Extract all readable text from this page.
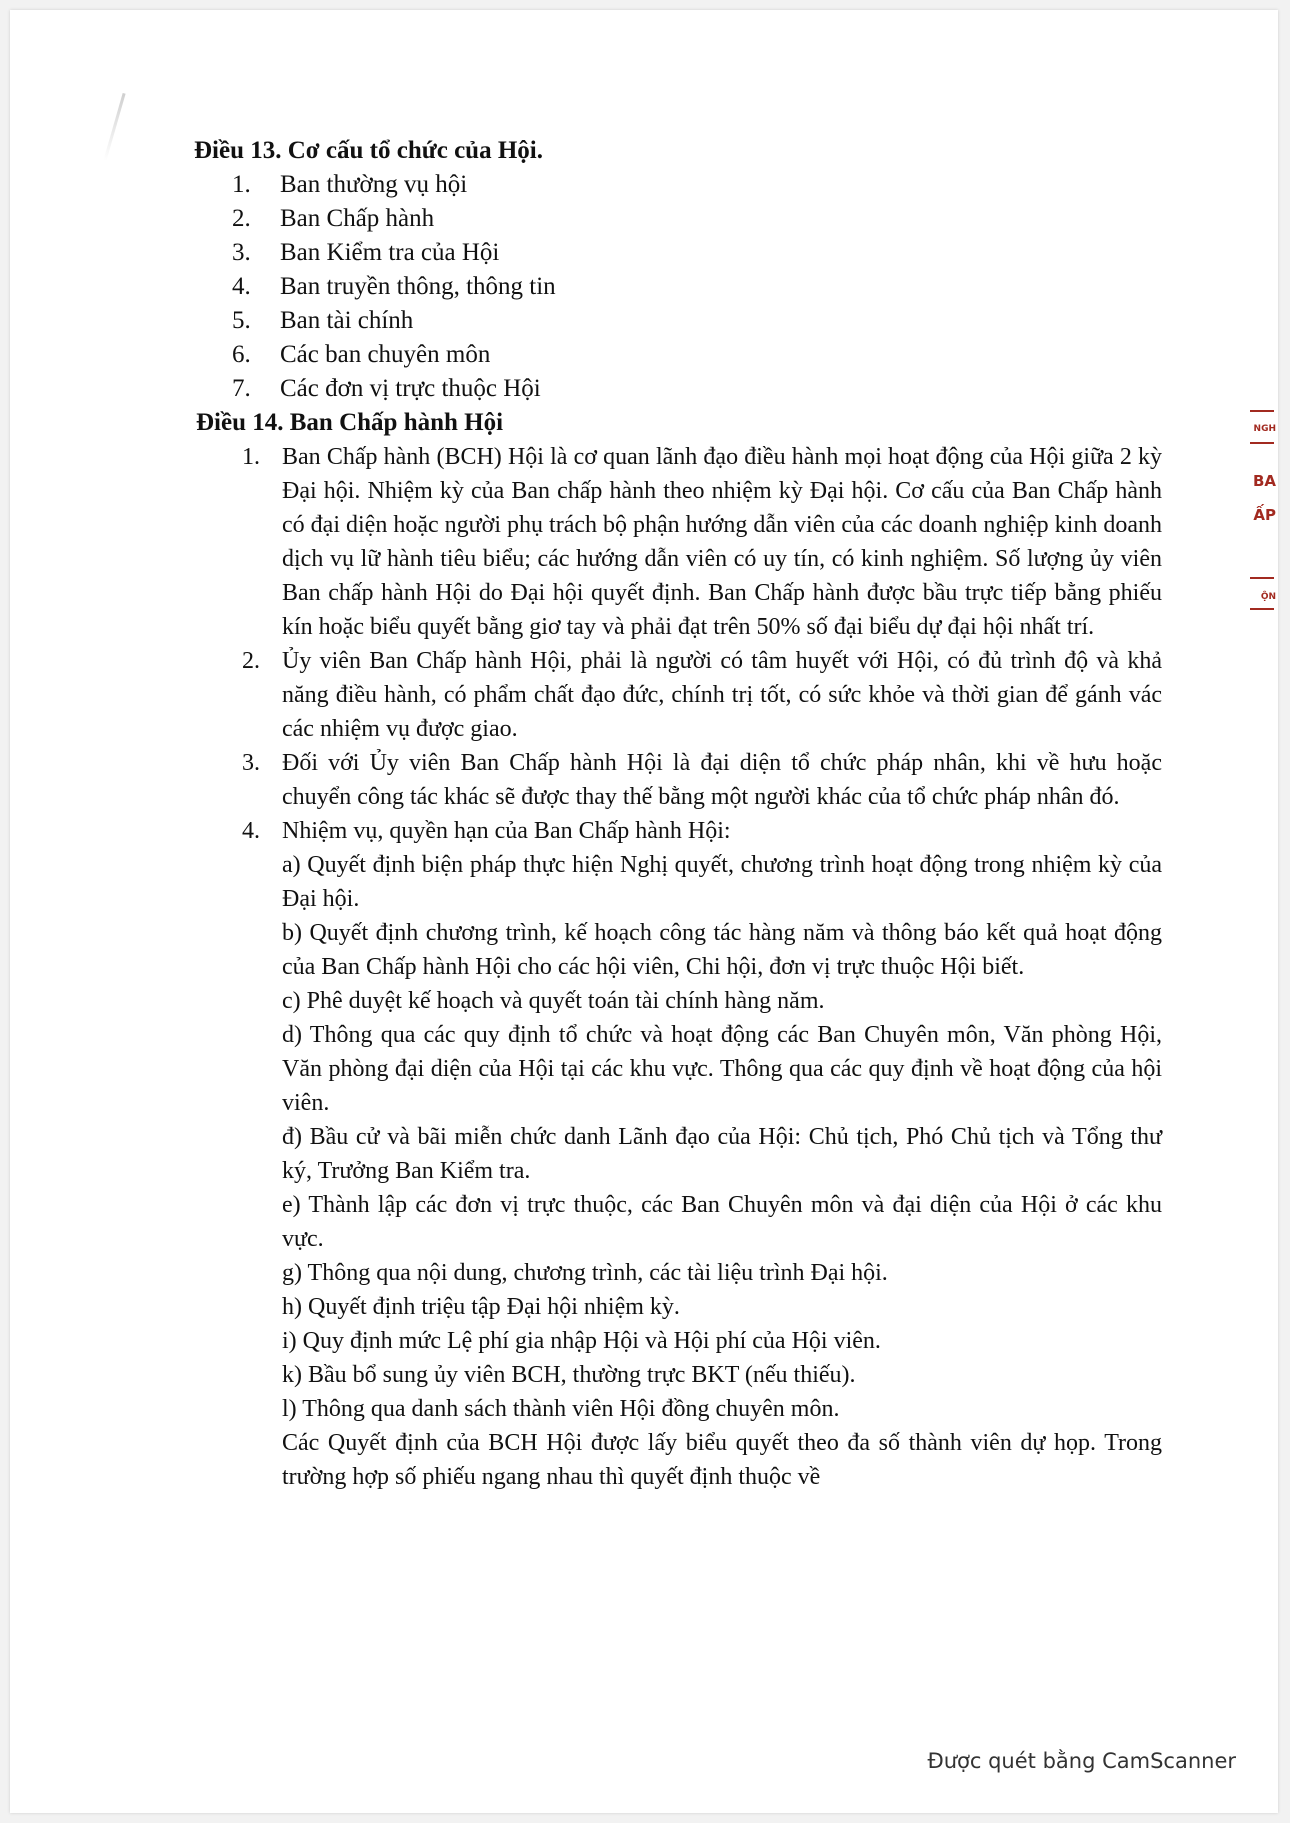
Điều 13. Cơ cấu tổ chức của Hội.
1.	Ban thường vụ hội
2.	Ban Chấp hành
3.	Ban Kiểm tra của Hội
4.	Ban truyền thông, thông tin
5.	Ban tài chính
6.	Các ban chuyên môn
7.	Các đơn vị trực thuộc Hội
Điều 14. Ban Chấp hành Hội
1. Ban Chấp hành (BCH) Hội là cơ quan lãnh đạo điều hành mọi hoạt động của Hội giữa 2 kỳ Đại hội. Nhiệm kỳ của Ban chấp hành theo nhiệm kỳ Đại hội. Cơ cấu của Ban Chấp hành có đại diện hoặc người phụ trách bộ phận hướng dẫn viên của các doanh nghiệp kinh doanh dịch vụ lữ hành tiêu biểu; các hướng dẫn viên có uy tín, có kinh nghiệm. Số lượng ủy viên Ban chấp hành Hội do Đại hội quyết định. Ban Chấp hành được bầu trực tiếp bằng phiếu kín hoặc biểu quyết bằng giơ tay và phải đạt trên 50% số đại biểu dự đại hội nhất trí.
2. Ủy viên Ban Chấp hành Hội, phải là người có tâm huyết với Hội, có đủ trình độ và khả năng điều hành, có phẩm chất đạo đức, chính trị tốt, có sức khỏe và thời gian để gánh vác các nhiệm vụ được giao.
3. Đối với Ủy viên Ban Chấp hành Hội là đại diện tổ chức pháp nhân, khi về hưu hoặc chuyển công tác khác sẽ được thay thế bằng một người khác của tổ chức pháp nhân đó.
4. Nhiệm vụ, quyền hạn của Ban Chấp hành Hội:

a) Quyết định biện pháp thực hiện Nghị quyết, chương trình hoạt động trong nhiệm kỳ của Đại hội.

b) Quyết định chương trình, kế hoạch công tác hàng năm và thông báo kết quả hoạt động của Ban Chấp hành Hội cho các hội viên, Chi hội, đơn vị trực thuộc Hội biết.

c) Phê duyệt kế hoạch và quyết toán tài chính hàng năm.

d) Thông qua các quy định tổ chức và hoạt động các Ban Chuyên môn, Văn phòng Hội, Văn phòng đại diện của Hội tại các khu vực. Thông qua các quy định về hoạt động của hội viên.

đ) Bầu cử và bãi miễn chức danh Lãnh đạo của Hội: Chủ tịch, Phó Chủ tịch và Tổng thư ký, Trưởng Ban Kiểm tra.

e) Thành lập các đơn vị trực thuộc, các Ban Chuyên môn và đại diện của Hội ở các khu vực.

g) Thông qua nội dung, chương trình, các tài liệu trình Đại hội.

h) Quyết định triệu tập Đại hội nhiệm kỳ.

i) Quy định mức Lệ phí gia nhập Hội và Hội phí của Hội viên.

k) Bầu bổ sung ủy viên BCH, thường trực BKT (nếu thiếu).

l) Thông qua danh sách thành viên Hội đồng chuyên môn.

Các Quyết định của BCH Hội được lấy biểu quyết theo đa số thành viên dự họp. Trong trường hợp số phiếu ngang nhau thì quyết định thuộc về

NGH
BA
ẤP
ỘN
Được quét bằng CamScanner
